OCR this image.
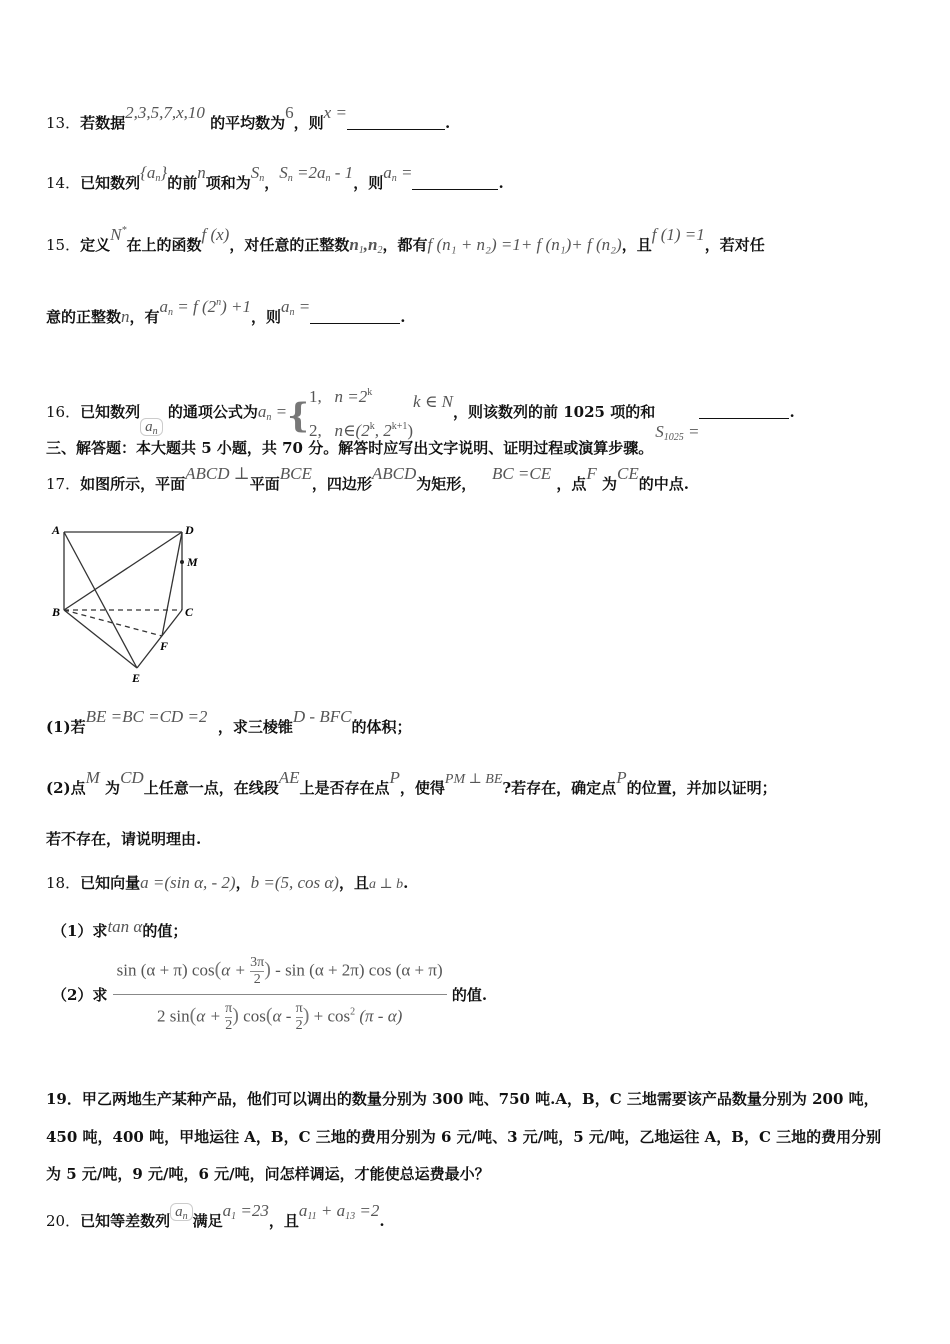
13．若数据2,3,5,7,x,10 的平均数为6，则x =.
14．已知数列$\{a_n\}$的前n项和为$S_n$，$S_n =2a_n - 1$，则$a_n$ =.
15．定义N*在上的函数f (x)，对任意的正整数$n_1,n_2$，都有f (n₁ + n₂) =1+ f (n₁)+ f (n₂)，且f (1) =1，若对任
意的正整数n，有$a_n = f$ $(2^n) +1$，则$a_n$ =.
16．已知数列$a_n$ 的通项公式为$a_n$ ={ 1, $n =2^k$
2, n∈(2$^k$, $2^{k+1}$)
k ∈ N，则该数列的前 1025 项的和$S_{1025}$ =.
三、解答题：本大题共 5 小题，共 70 分。解答时应写出文字说明、证明过程或演算步骤。
17．如图所示，平面ABCD ⊥平面BCE，四边形ABCD为矩形，   BC =CE ，点F 为CE的中点.
A	D
M
B	C
F
E
(1)若BE =BC =CD =2  ，求三棱锥D - BFC的体积；
(2)点M 为CD上任意一点，在线段AE上是否存在点P，使得PM ⊥ BE?若存在，确定点P的位置，并加以证明；
若不存在，请说明理由.
18．已知向量a =(sin α, - 2)，b =(5, cos α)，且a ⊥ b.
（1）求tan α的值；
（2）求 $\frac{\sin (\alpha + \pi) \cos(\alpha + \frac{3\pi}{2} ) - \sin (\alpha + 2\pi) \cos (\alpha + \pi)}{2 \sin(\alpha + \frac{\pi}{2} ) \cos(\alpha - \frac{\pi}{2} ) + \cos^2 (\pi - \alpha)}$ 的值.
19．甲乙两地生产某种产品，他们可以调出的数量分别为 300 吨、750 吨.A，B，C 三地需要该产品数量分别为 200 吨，
450 吨，400 吨，甲地运往 A，B，C 三地的费用分别为 6 元/吨、3 元/吨，5 元/吨，乙地运往 A，B，C 三地的费用分别
为 5 元/吨，9 元/吨，6 元/吨，问怎样调运，才能使总运费最小？
20．已知等差数列 $a_n$ 满足$a_1 =23$，且$a_{11} + a_{13} =2$.
